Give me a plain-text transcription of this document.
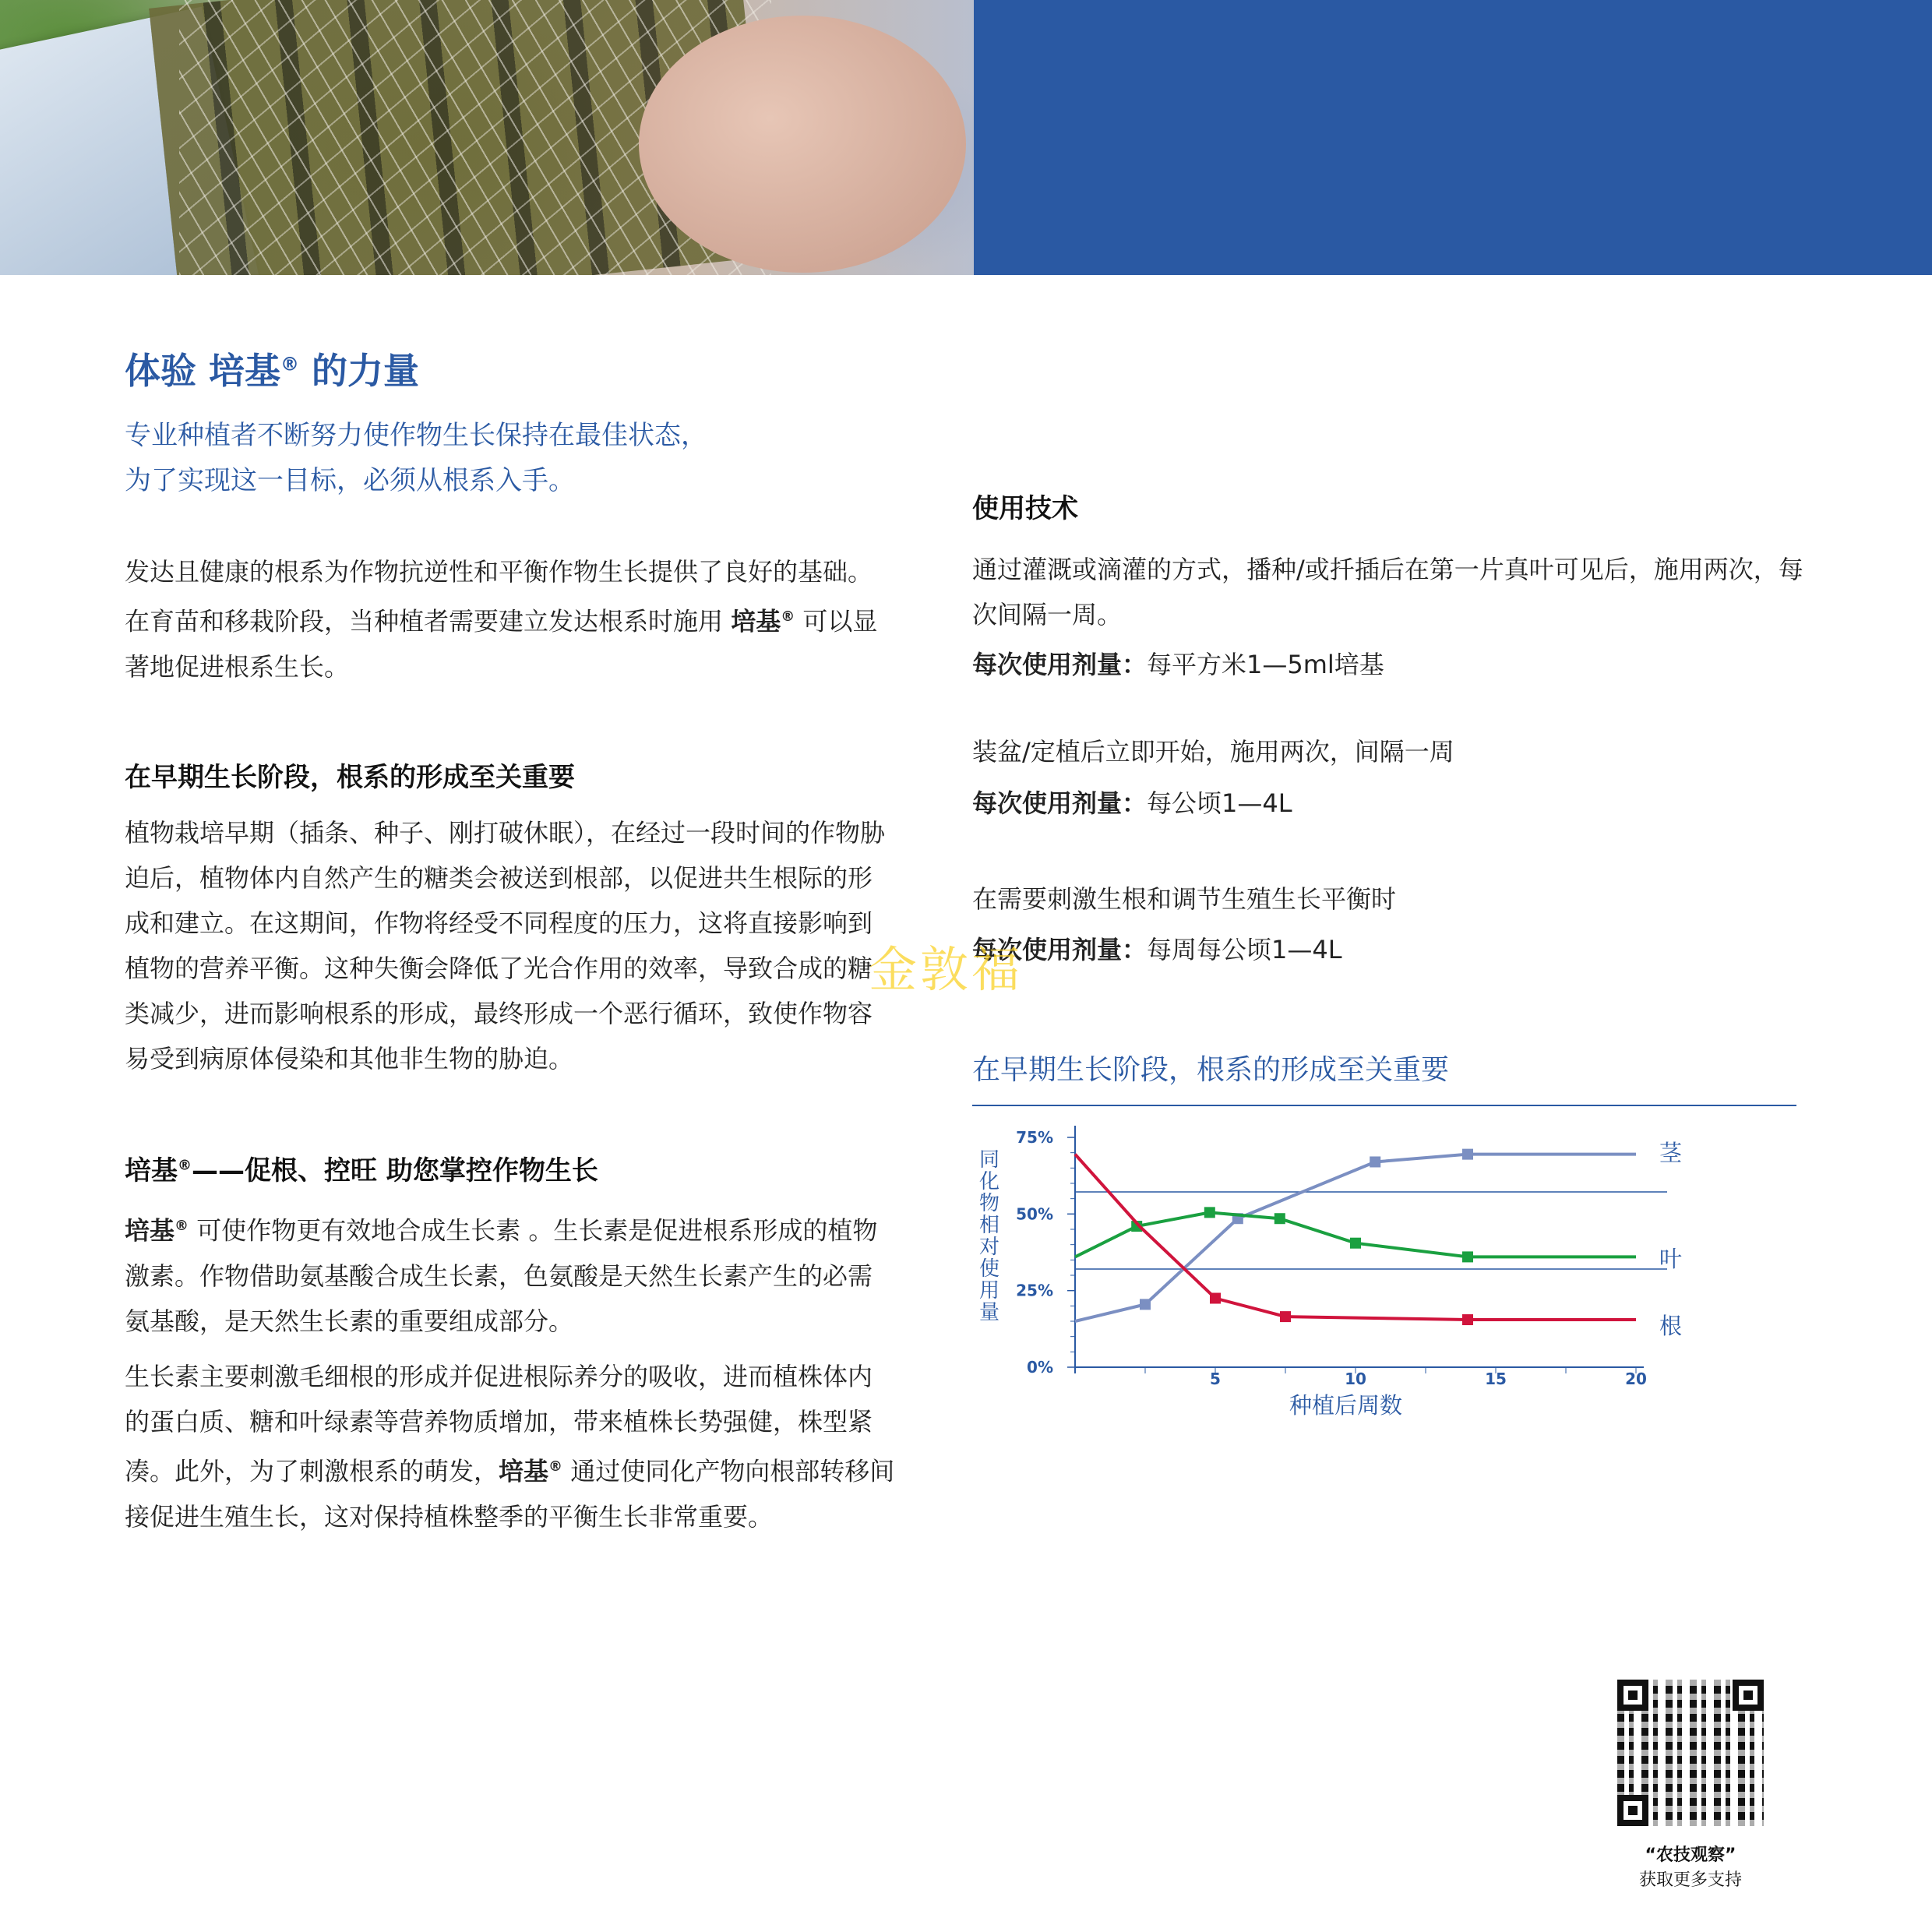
体验 培基® 的力量
专业种植者不断努力使作物生长保持在最佳状态，
为了实现这一目标，必须从根系入手。

发达且健康的根系为作物抗逆性和平衡作物生长提供了良好的基础。在育苗和移栽阶段，当种植者需要建立发达根系时施用 培基® 可以显著地促进根系生长。

在早期生长阶段，根系的形成至关重要

植物栽培早期（插条、种子、刚打破休眠），在经过一段时间的作物胁迫后，植物体内自然产生的糖类会被送到根部，以促进共生根际的形成和建立。在这期间，作物将经受不同程度的压力，这将直接影响到植物的营养平衡。这种失衡会降低了光合作用的效率，导致合成的糖类减少，进而影响根系的形成，最终形成一个恶行循环，致使作物容易受到病原体侵染和其他非生物的胁迫。

培基®——促根、控旺 助您掌控作物生长

培基® 可使作物更有效地合成生长素 。生长素是促进根系形成的植物激素。作物借助氨基酸合成生长素，色氨酸是天然生长素产生的必需氨基酸，是天然生长素的重要组成部分。

生长素主要刺激毛细根的形成并促进根际养分的吸收，进而植株体内的蛋白质、糖和叶绿素等营养物质增加，带来植株长势强健，株型紧凑。此外，为了刺激根系的萌发，培基® 通过使同化产物向根部转移间接促进生殖生长，这对保持植株整季的平衡生长非常重要。

使用技术

通过灌溉或滴灌的方式，播种/或扦插后在第一片真叶可见后，施用两次，每次间隔一周。

每次使用剂量：每平方米1—5ml培基

装盆/定植后立即开始，施用两次，间隔一周

每次使用剂量：每公顷1—4L

在需要刺激生根和调节生殖生长平衡时

每次使用剂量：每周每公顷1—4L

金敦福
在早期生长阶段，根系的形成至关重要
同化物相对使用量
0%
25%
50%
75%
5	10	15	20
种植后周数
茎
叶
根
“农技观察”
获取更多支持
